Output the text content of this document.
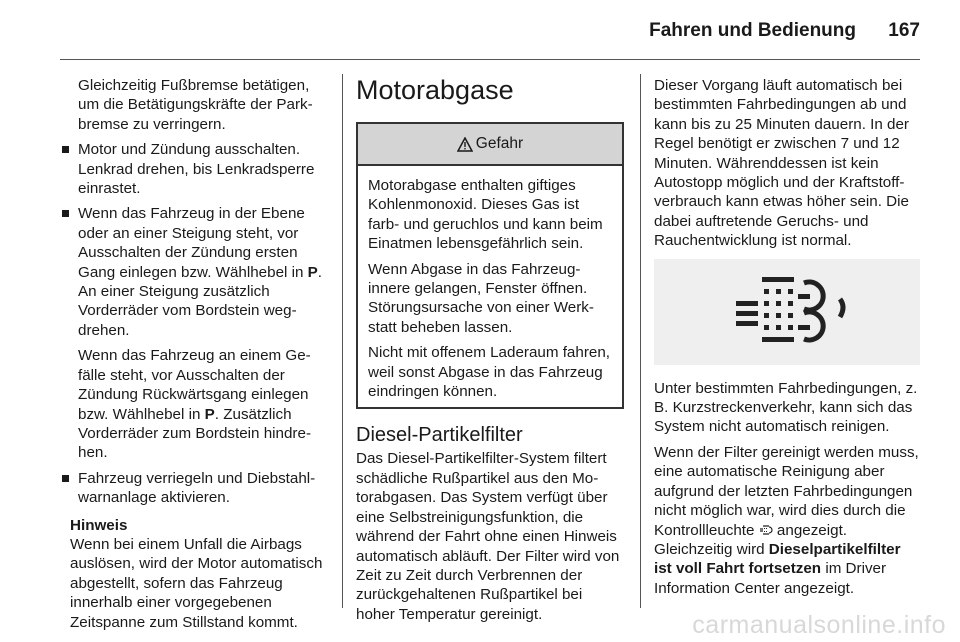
Fahren und Bedienung 167

Gleichzeitig Fußbremse betätigen, um die Betätigungskräfte der Parkbremse zu verringern.

Motor und Zündung ausschalten. Lenkrad drehen, bis Lenkradsperre einrastet.
Wenn das Fahrzeug in der Ebene oder an einer Steigung steht, vor Ausschalten der Zündung ersten Gang einlegen bzw. Wählhebel in P. An einer Steigung zusätzlich Vorderräder vom Bordstein wegdrehen.

Wenn das Fahrzeug an einem Gefälle steht, vor Ausschalten der Zündung Rückwärtsgang einlegen bzw. Wählhebel in P. Zusätzlich Vorderräder zum Bordstein hindrehen.

Fahrzeug verriegeln und Diebstahlwarnanlage aktivieren.
Hinweis
Wenn bei einem Unfall die Airbags auslösen, wird der Motor automatisch abgestellt, sofern das Fahrzeug innerhalb einer vorgegebenen Zeitspanne zum Stillstand kommt.
Motorabgase
Gefahr

Motorabgase enthalten giftiges Kohlenmonoxid. Dieses Gas ist farb- und geruchlos und kann beim Einatmen lebensgefährlich sein.

Wenn Abgase in das Fahrzeuginnere gelangen, Fenster öffnen. Störungsursache von einer Werkstatt beheben lassen.

Nicht mit offenem Laderaum fahren, weil sonst Abgase in das Fahrzeug eindringen können.

Diesel-Partikelfilter

Das Diesel-Partikelfilter-System filtert schädliche Rußpartikel aus den Motorabgasen. Das System verfügt über eine Selbstreinigungsfunktion, die während der Fahrt ohne einen Hinweis automatisch abläuft. Der Filter wird von Zeit zu Zeit durch Verbrennen der zurückgehaltenen Rußpartikel bei hoher Temperatur gereinigt.

Dieser Vorgang läuft automatisch bei bestimmten Fahrbedingungen ab und kann bis zu 25 Minuten dauern. In der Regel benötigt er zwischen 7 und 12 Minuten. Währenddessen ist kein Autostopp möglich und der Kraftstoffverbrauch kann etwas höher sein. Die dabei auftretende Geruchs- und Rauchentwicklung ist normal.

Unter bestimmten Fahrbedingungen, z. B. Kurzstreckenverkehr, kann sich das System nicht automatisch reinigen.

Wenn der Filter gereinigt werden muss, eine automatische Reinigung aber aufgrund der letzten Fahrbedingungen nicht möglich war, wird dies durch die Kontrollleuchte  angezeigt. Gleichzeitig wird Dieselpartikelfilter ist voll Fahrt fortsetzen im Driver Information Center angezeigt.

carmanualsonline.info
